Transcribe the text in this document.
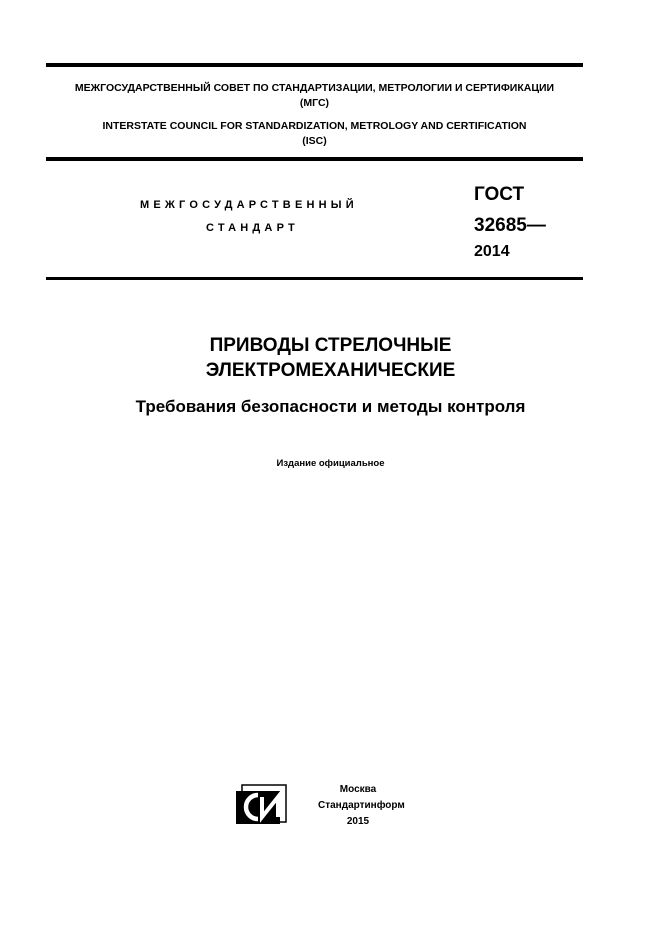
МЕЖГОСУДАРСТВЕННЫЙ СОВЕТ ПО СТАНДАРТИЗАЦИИ, МЕТРОЛОГИИ И СЕРТИФИКАЦИИ
(МГС)
INTERSTATE COUNCIL FOR STANDARDIZATION, METROLOGY AND CERTIFICATION
(ISC)
МЕЖГОСУДАРСТВЕННЫЙ
СТАНДАРТ
ГОСТ
32685—
2014
ПРИВОДЫ СТРЕЛОЧНЫЕ
ЭЛЕКТРОМЕХАНИЧЕСКИЕ
Требования безопасности и методы контроля
Издание официальное
Москва
Стандартинформ
2015
